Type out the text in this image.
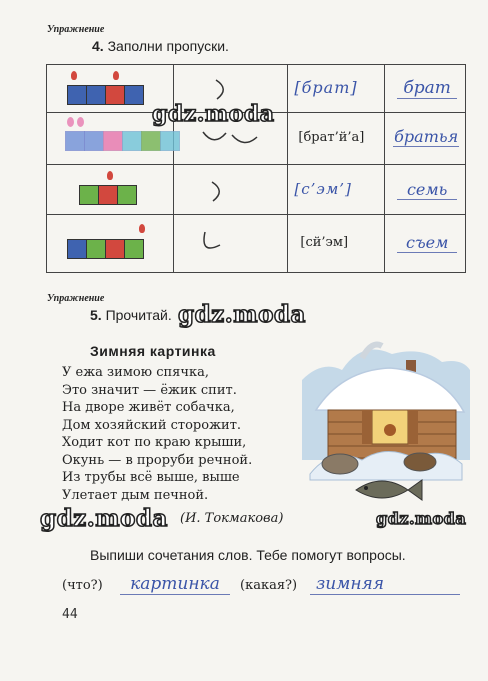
Упражнение
4. Заполни пропуски.

[брат]	брат

[брат’й’а]	братья

[с’эм’]	семь

[сй’эм]	съем
gdz.moda
Упражнение
5. Прочитай. gdz.moda
Зимняя картинка
У ежа зимою спячка,
Это значит — ёжик спит.
На дворе живёт собачка,
Дом хозяйский сторожит.
Ходит кот по краю крыши,
Окунь — в проруби речной.
Из трубы всё выше, выше
Улетает дым печной.
gdz.moda (И. Токмакова)	gdz.moda
Выпиши сочетания слов. Тебе помогут вопросы.
(что?)	картинка	(какая?)	зимняя
44
